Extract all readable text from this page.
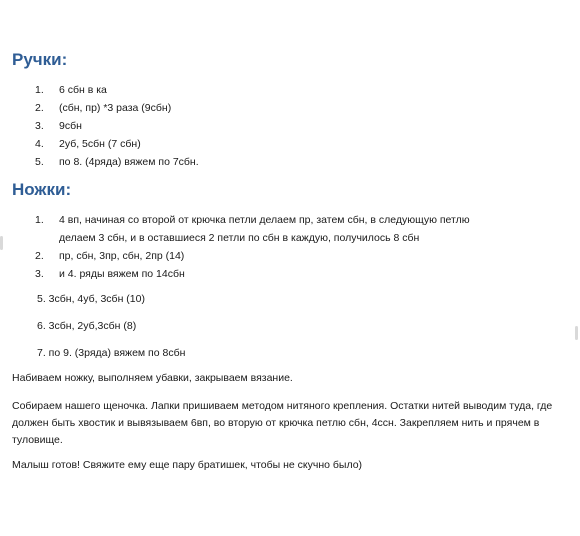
Ручки:
1. 6 сбн в ка
2. (сбн, пр) *3 раза (9сбн)
3. 9сбн
4. 2уб, 5сбн (7 сбн)
5. по 8. (4ряда) вяжем по 7сбн.
Ножки:
1. 4 вп, начиная со второй от крючка петли делаем пр, затем сбн, в следующую петлю
делаем 3 сбн, и в оставшиеся 2 петли по сбн в каждую, получилось 8 сбн
2. пр, сбн, 3пр, сбн, 2пр (14)
3. и 4. ряды вяжем по 14сбн
5. 3сбн, 4уб, 3сбн (10)
6. 3сбн, 2уб,3сбн (8)
7. по 9. (3ряда) вяжем по 8сбн
Набиваем ножку, выполняем убавки, закрываем вязание.
Собираем нашего щеночка. Лапки пришиваем методом нитяного крепления. Остатки нитей выводим туда, где должен быть хвостик и вывязываем 6вп, во вторую от крючка петлю сбн, 4ссн. Закрепляем нить и прячем в туловище.
Малыш готов! Свяжите ему еще пару братишек, чтобы не скучно было)
